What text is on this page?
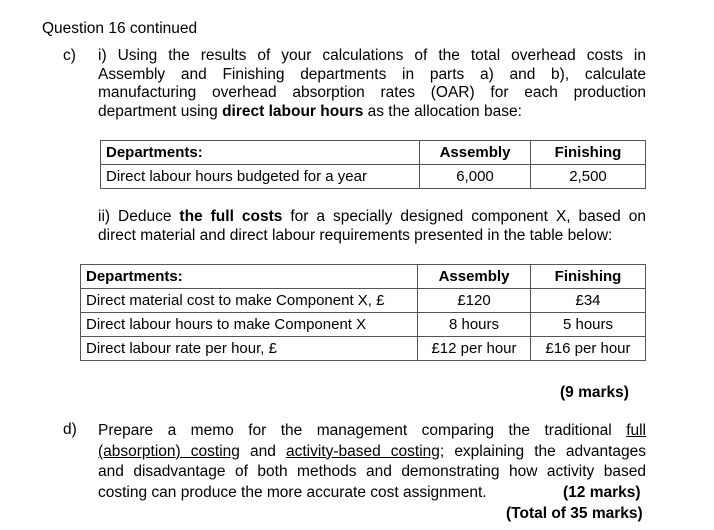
Question 16 continued
c) i) Using the results of your calculations of the total overhead costs in
Assembly and Finishing departments in parts a) and b), calculate
manufacturing overhead absorption rates (OAR) for each production
department using direct labour hours as the allocation base:
Departments:	Assembly	Finishing
Direct labour hours budgeted for a year	6,000	2,500
ii) Deduce the full costs for a specially designed component X, based on
direct material and direct labour requirements presented in the table below:
Departments:	Assembly	Finishing
Direct material cost to make Component X, £	£120	£34
Direct labour hours to make Component X	8 hours	5 hours
Direct labour rate per hour, £	£12 per hour	£16 per hour
(9 marks)
d) Prepare a memo for the management comparing the traditional full
(absorption) costing and activity-based costing; explaining the advantages
and disadvantage of both methods and demonstrating how activity based
costing can produce the more accurate cost assignment.	(12 marks)
(Total of 35 marks)
